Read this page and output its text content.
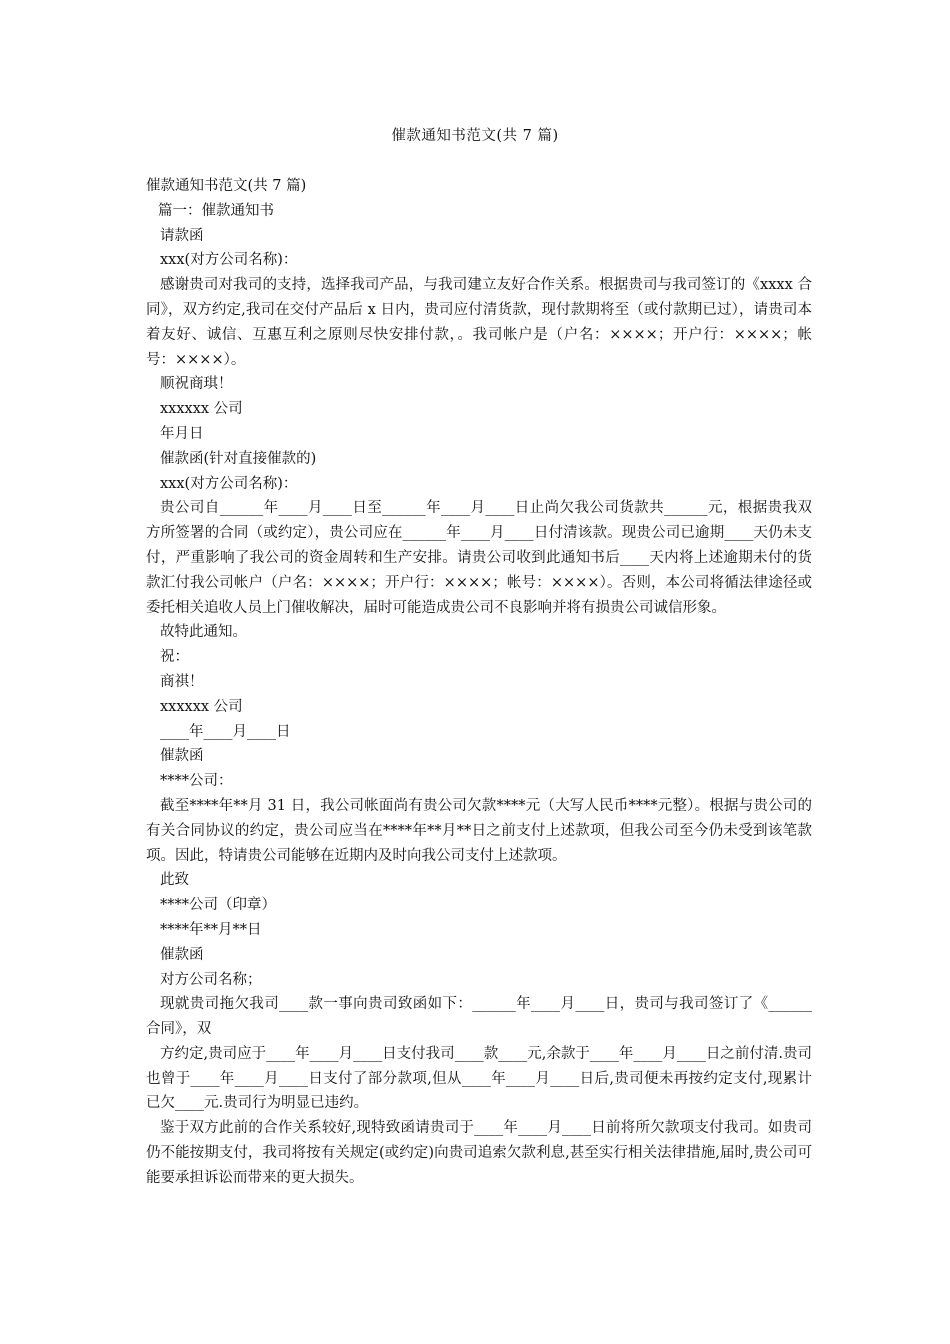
催款通知书范文(共 7 篇)
催款通知书范文(共 7 篇)
篇一：催款通知书
请款函
xxx(对方公司名称)：

感谢贵司对我司的支持，选择我司产品，与我司建立友好合作关系。根据贵司与我司签订的《xxxx 合同》，双方约定,我司在交付产品后 x 日内，贵司应付清货款，现付款期将至（或付款期已过），请贵司本着友好、诚信、互惠互利之原则尽快安排付款，。我司帐户是（户名：××××；开户行：××××；帐号：××××）。

顺祝商琪！
xxxxxx 公司
年月日
催款函(针对直接催款的)
xxx(对方公司名称)：

贵公司自______年____月____日至______年____月____日止尚欠我公司货款共______元，根据贵我双方所签署的合同（或约定），贵公司应在______年____月____日付清该款。现贵公司已逾期____天仍未支付，严重影响了我公司的资金周转和生产安排。请贵公司收到此通知书后____天内将上述逾期未付的货款汇付我公司帐户（户名：××××；开户行：××××；帐号：××××）。否则，本公司将循法律途径或委托相关追收人员上门催收解决，届时可能造成贵公司不良影响并将有损贵公司诚信形象。

故特此通知。
祝：
商祺！
xxxxxx 公司
____年____月____日
催款函
****公司：

截至****年**月 31 日，我公司帐面尚有贵公司欠款****元（大写人民币****元整）。根据与贵公司的有关合同协议的约定，贵公司应当在****年**月**日之前支付上述款项，但我公司至今仍未受到该笔款项。因此，特请贵公司能够在近期内及时向我公司支付上述款项。

此致
****公司（印章）
****年**月**日
催款函
对方公司名称；

现就贵司拖欠我司____款一事向贵司致函如下：______年____月____日，贵司与我司签订了《______合同》，双

方约定,贵司应于____年____月____日支付我司____款____元,余款于____年____月____日之前付清.贵司也曾于____年____月____日支付了部分款项,但从____年____月____日后,贵司便未再按约定支付,现累计已欠____元.贵司行为明显已违约。

鉴于双方此前的合作关系较好,现特致函请贵司于____年____月____日前将所欠款项支付我司。如贵司仍不能按期支付，我司将按有关规定(或约定)向贵司追索欠款利息,甚至实行相关法律措施,届时,贵公司可能要承担诉讼而带来的更大损失。
